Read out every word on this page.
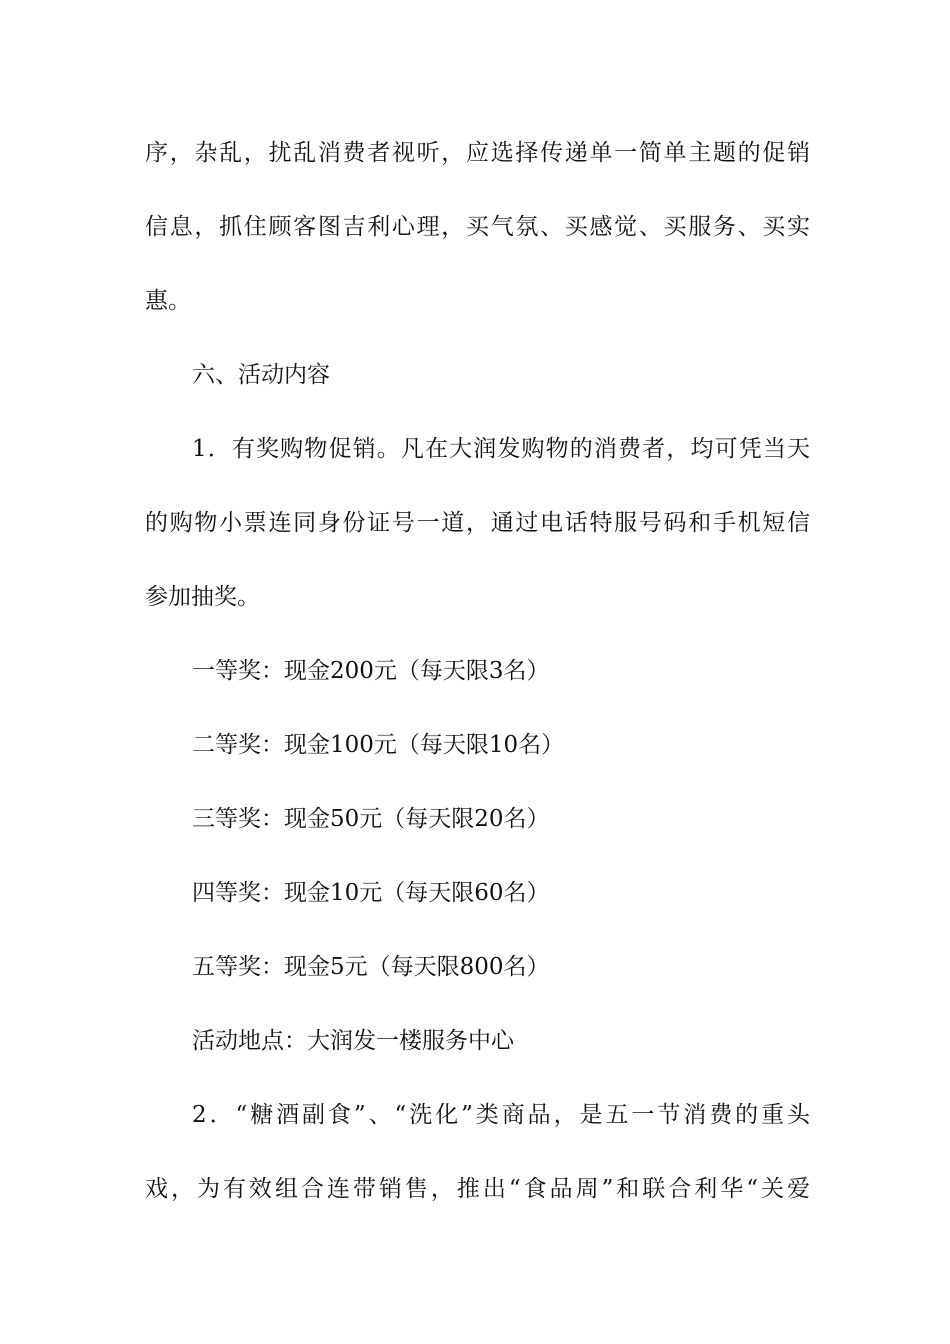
序，杂乱，扰乱消费者视听，应选择传递单一简单主题的促销
信息，抓住顾客图吉利心理，买气氛、买感觉、买服务、买实
惠。
六、活动内容
1．有奖购物促销。凡在大润发购物的消费者，均可凭当天
的购物小票连同身份证号一道，通过电话特服号码和手机短信
参加抽奖。
一等奖：现金200元（每天限3名）
二等奖：现金100元（每天限10名）
三等奖：现金50元（每天限20名）
四等奖：现金10元（每天限60名）
五等奖：现金5元（每天限800名）
活动地点：大润发一楼服务中心
2．“糖酒副食”、“洗化”类商品，是五一节消费的重头
戏，为有效组合连带销售，推出“食品周”和联合利华“关爱
